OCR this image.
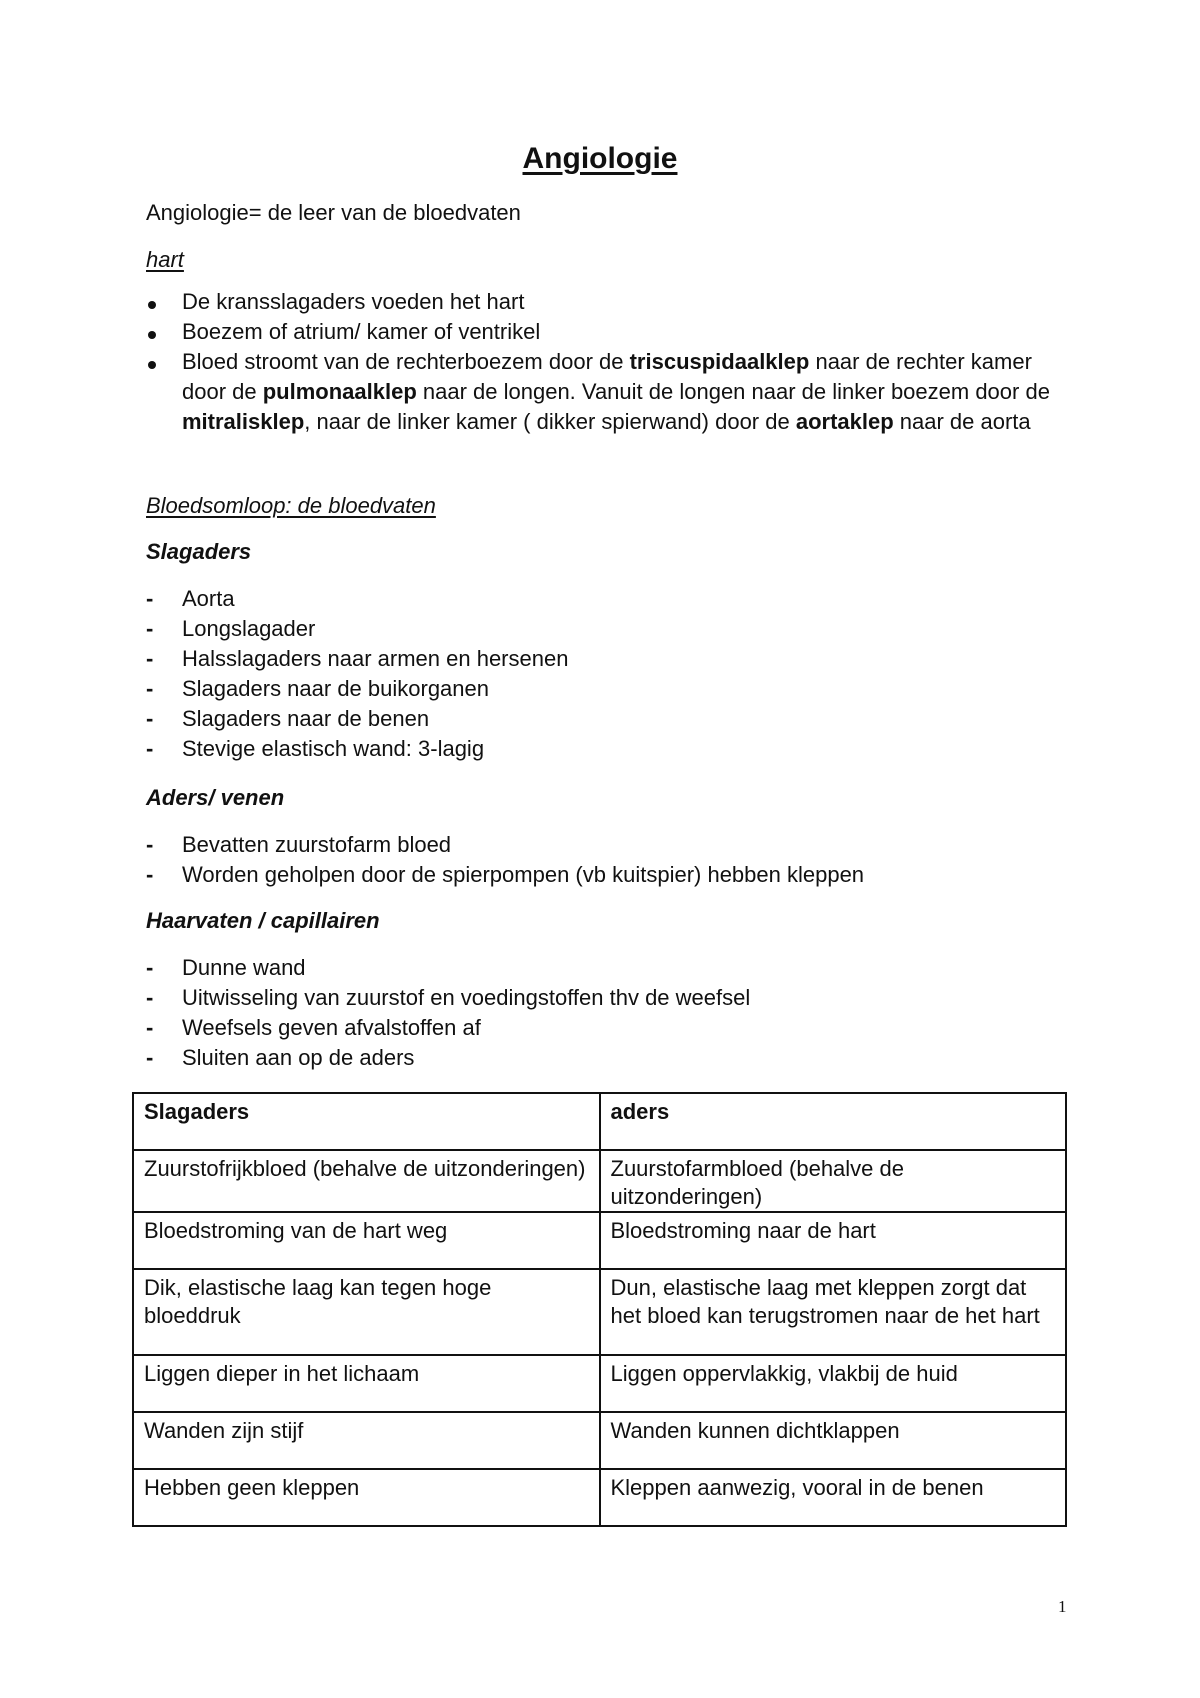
Angiologie

Angiologie= de leer van de bloedvaten

hart

De kransslagaders voeden het hart
Boezem of atrium/ kamer of ventrikel
Bloed stroomt van de rechterboezem door de triscuspidaalklep naar de rechter kamer door de pulmonaalklep naar de longen. Vanuit de longen naar de linker boezem door de mitralisklep, naar de linker kamer ( dikker spierwand) door de aortaklep naar de aorta

Bloedsomloop: de bloedvaten

Slagaders

-	Aorta
-	Longslagader
-	Halsslagaders naar armen en hersenen
-	Slagaders naar de buikorganen
-	Slagaders naar de benen
-	Stevige elastisch wand: 3-lagig

Aders/ venen

-	Bevatten zuurstofarm bloed
-	Worden geholpen door de spierpompen (vb kuitspier) hebben kleppen

Haarvaten / capillairen

-	Dunne wand
-	Uitwisseling van zuurstof en voedingstoffen thv de weefsel
-	Weefsels geven afvalstoffen af
-	Sluiten aan op de aders
Slagaders	aders
Zuurstofrijkbloed (behalve de uitzonderingen)	Zuurstofarmbloed (behalve de uitzonderingen)
Bloedstroming van de hart weg	Bloedstroming naar de hart
Dik, elastische laag kan tegen hoge bloeddruk	Dun, elastische laag met kleppen zorgt dat het bloed kan terugstromen naar de het hart
Liggen dieper in het lichaam	Liggen oppervlakkig, vlakbij de huid
Wanden zijn stijf	Wanden kunnen dichtklappen
Hebben geen kleppen	Kleppen aanwezig, vooral in de benen
1
